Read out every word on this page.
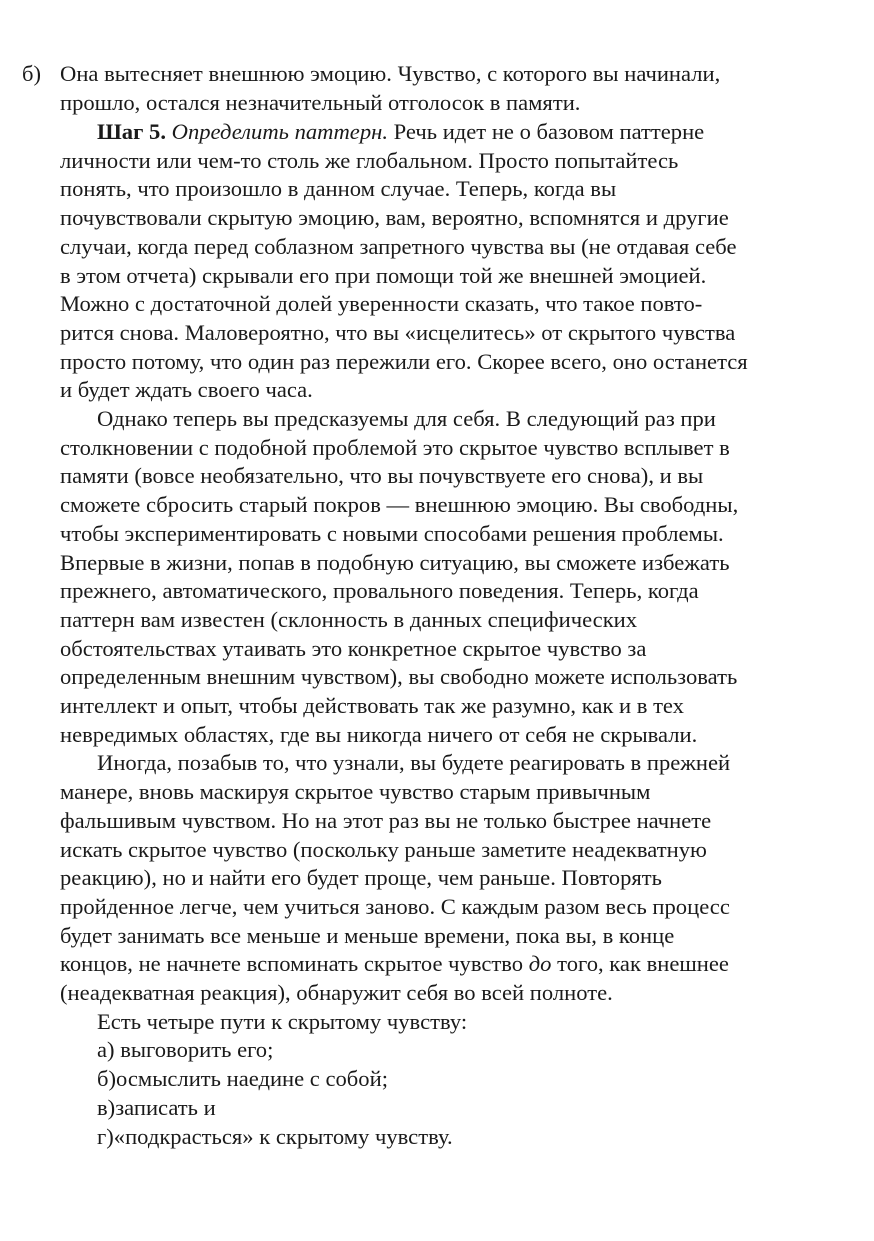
б) Она вытесняет внешнюю эмоцию. Чувство, с которого вы начинали,
прошло, остался незначительный отголосок в памяти.
Шаг 5. Определить паттерн. Речь идет не о базовом паттерне
личности или чем-то столь же глобальном. Просто попытайтесь
понять, что произошло в данном случае. Теперь, когда вы
почувствовали скрытую эмоцию, вам, вероятно, вспомнятся и другие
случаи, когда перед соблазном запретного чувства вы (не отдавая себе
в этом отчета) скрывали его при помощи той же внешней эмоцией.
Можно с достаточной долей уверенности сказать, что такое повто-
рится снова. Маловероятно, что вы «исцелитесь» от скрытого чувства
просто потому, что один раз пережили его. Скорее всего, оно останется
и будет ждать своего часа.
Однако теперь вы предсказуемы для себя. В следующий раз при
столкновении с подобной проблемой это скрытое чувство всплывет в
памяти (вовсе необязательно, что вы почувствуете его снова), и вы
сможете сбросить старый покров — внешнюю эмоцию. Вы свободны,
чтобы экспериментировать с новыми способами решения проблемы.
Впервые в жизни, попав в подобную ситуацию, вы сможете избежать
прежнего, автоматического, провального поведения. Теперь, когда
паттерн вам известен (склонность в данных специфических
обстоятельствах утаивать это конкретное скрытое чувство за
определенным внешним чувством), вы свободно можете использовать
интеллект и опыт, чтобы действовать так же разумно, как и в тех
невредимых областях, где вы никогда ничего от себя не скрывали.
Иногда, позабыв то, что узнали, вы будете реагировать в прежней
манере, вновь маскируя скрытое чувство старым привычным
фальшивым чувством. Но на этот раз вы не только быстрее начнете
искать скрытое чувство (поскольку раньше заметите неадекватную
реакцию), но и найти его будет проще, чем раньше. Повторять
пройденное легче, чем учиться заново. С каждым разом весь процесс
будет занимать все меньше и меньше времени, пока вы, в конце
концов, не начнете вспоминать скрытое чувство до того, как внешнее
(неадекватная реакция), обнаружит себя во всей полноте.
Есть четыре пути к скрытому чувству:
а) выговорить его;
б)осмыслить наедине с собой;
в)записать и
г)«подкрасться» к скрытому чувству.
